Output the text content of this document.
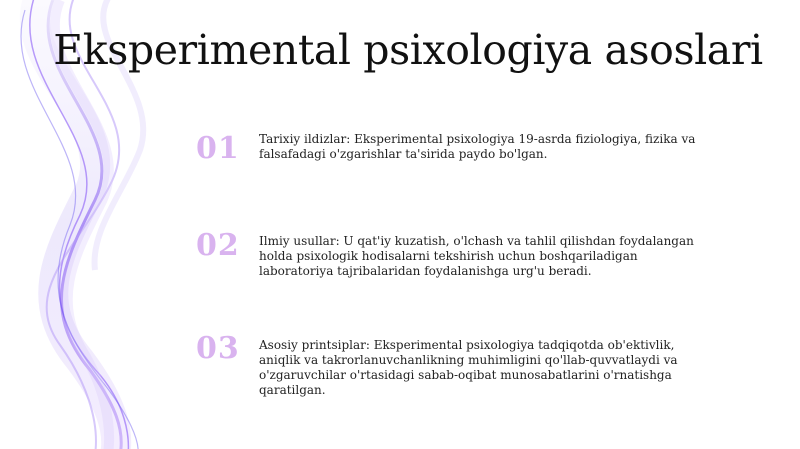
Eksperimental psixologiya asoslari
01	Tarixiy ildizlar: Eksperimental psixologiya 19-asrda fiziologiya, fizika va falsafadagi o'zgarishlar ta'sirida paydo bo'lgan.
02	Ilmiy usullar: U qat'iy kuzatish, o'lchash va tahlil qilishdan foydalangan holda psixologik hodisalarni tekshirish uchun boshqariladigan laboratoriya tajribalaridan foydalanishga urg'u beradi.
03	Asosiy printsiplar: Eksperimental psixologiya tadqiqotda ob'ektivlik, aniqlik va takrorlanuvchanlikning muhimligini qo'llab-quvvatlaydi va o'zgaruvchilar o'rtasidagi sabab-oqibat munosabatlarini o'rnatishga qaratilgan.
